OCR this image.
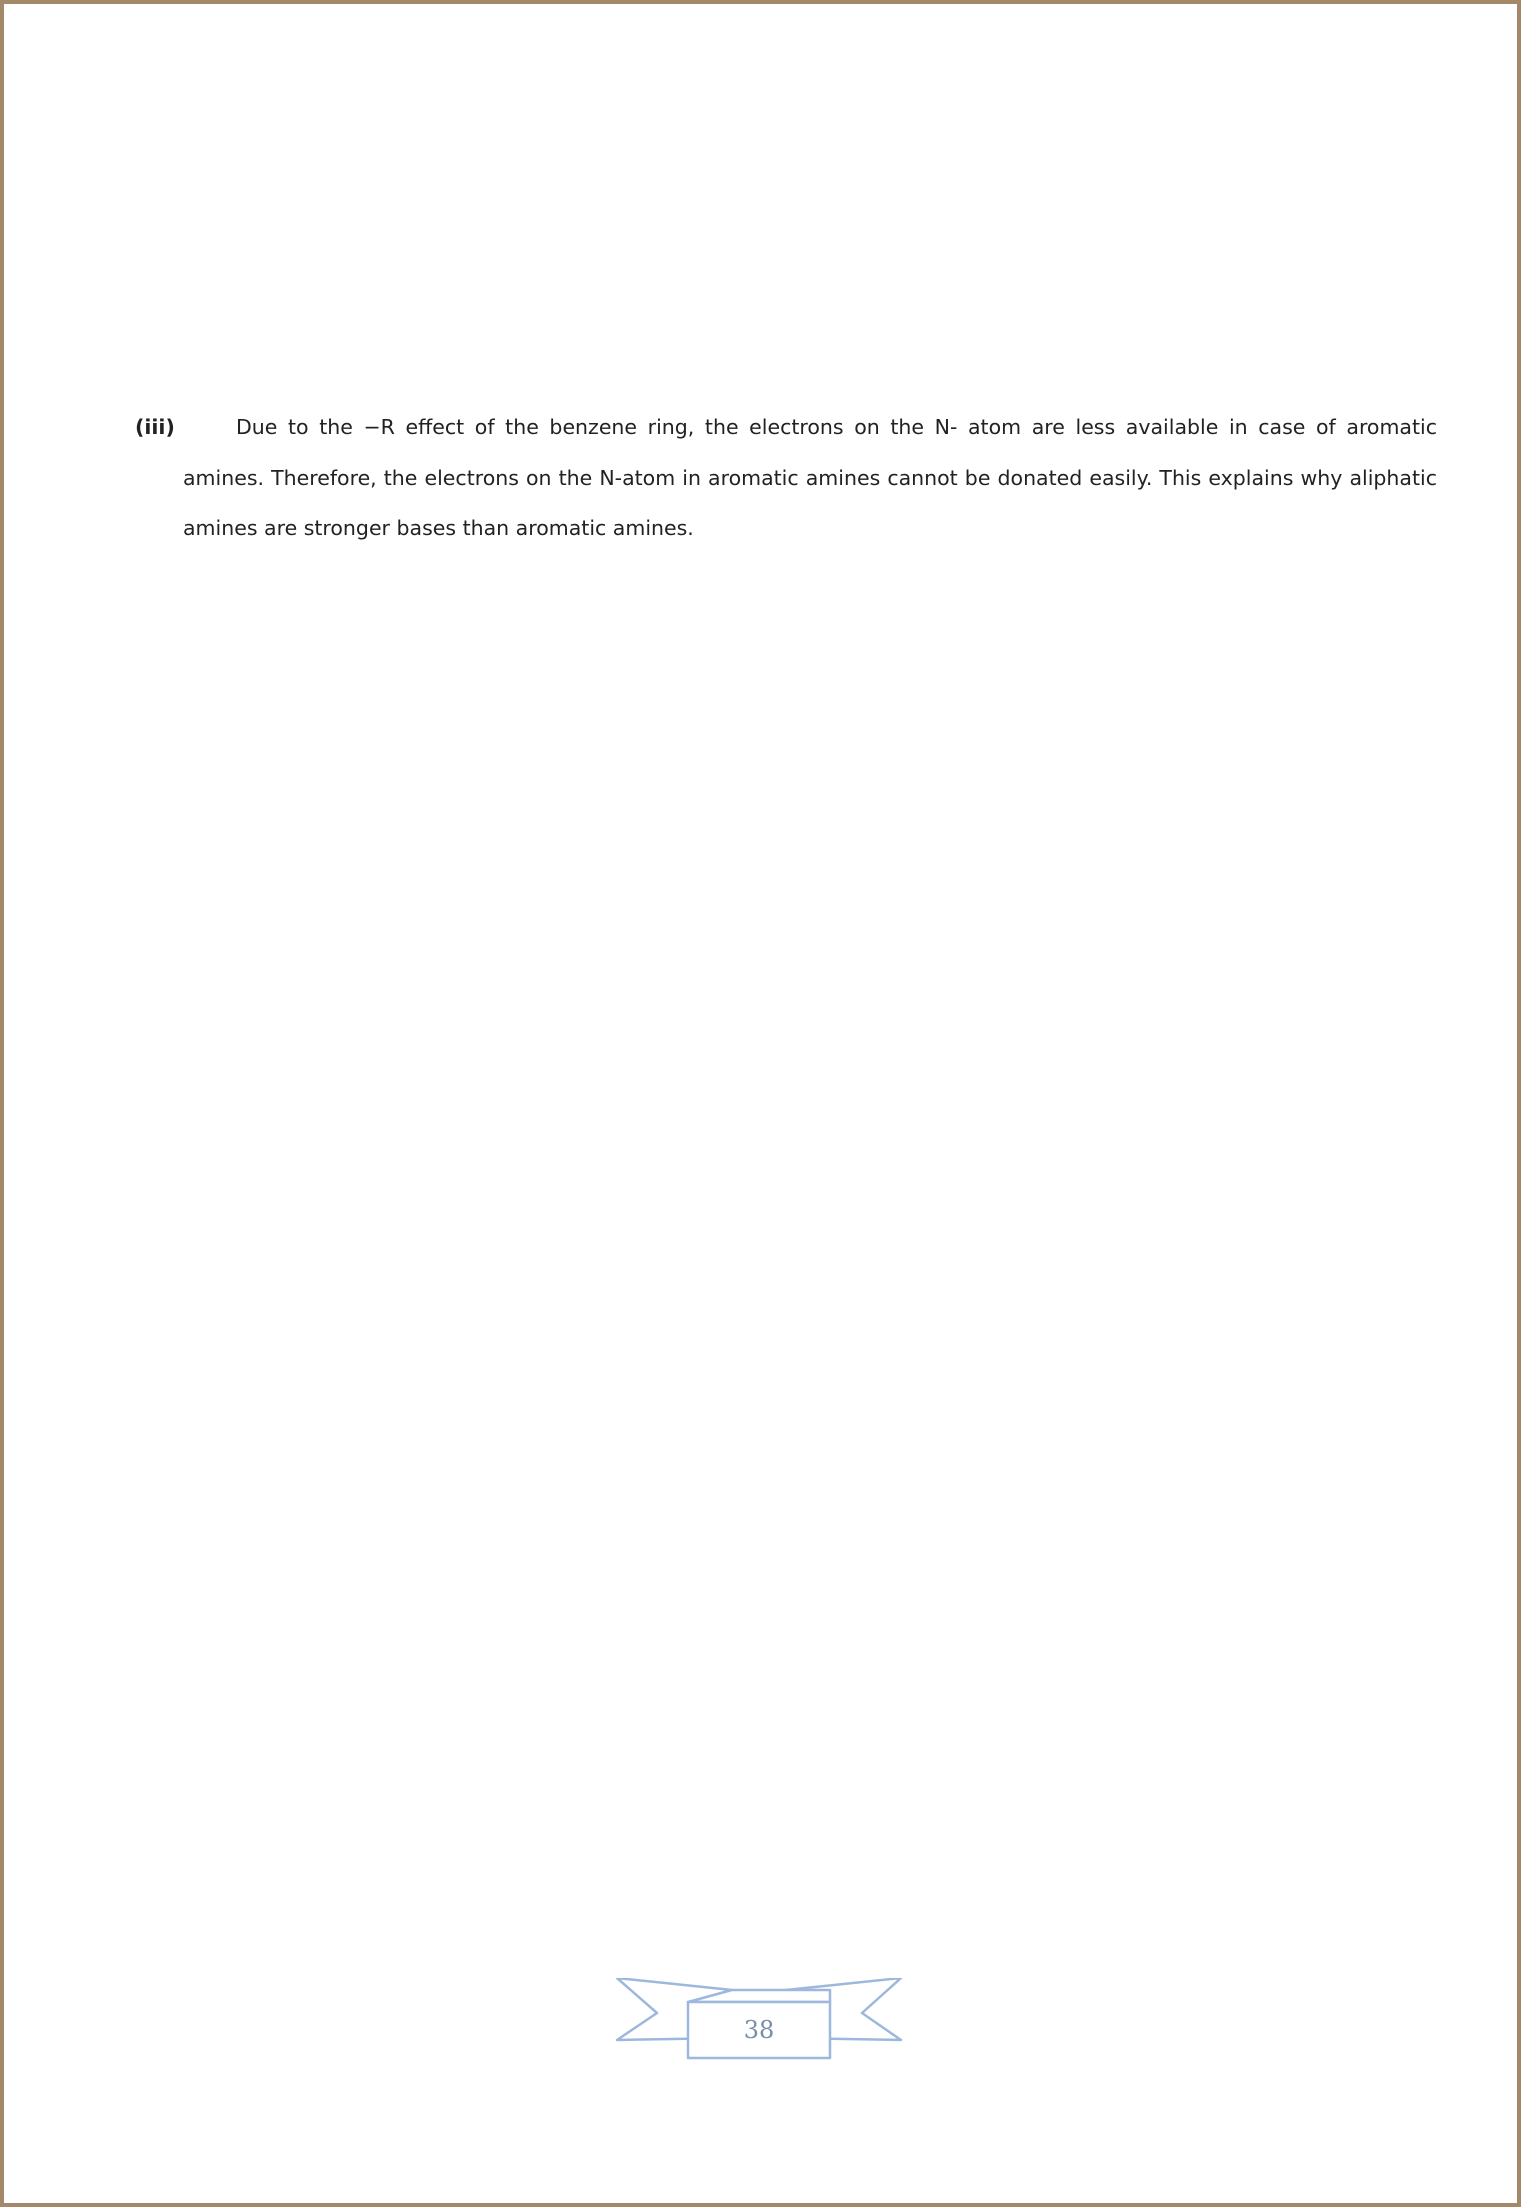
(iii)	Due to the −R effect of the benzene ring, the electrons on the N- atom are less available in case of aromatic amines. Therefore, the electrons on the N-atom in aromatic amines cannot be donated easily. This explains why aliphatic amines are stronger bases than aromatic amines.
38
